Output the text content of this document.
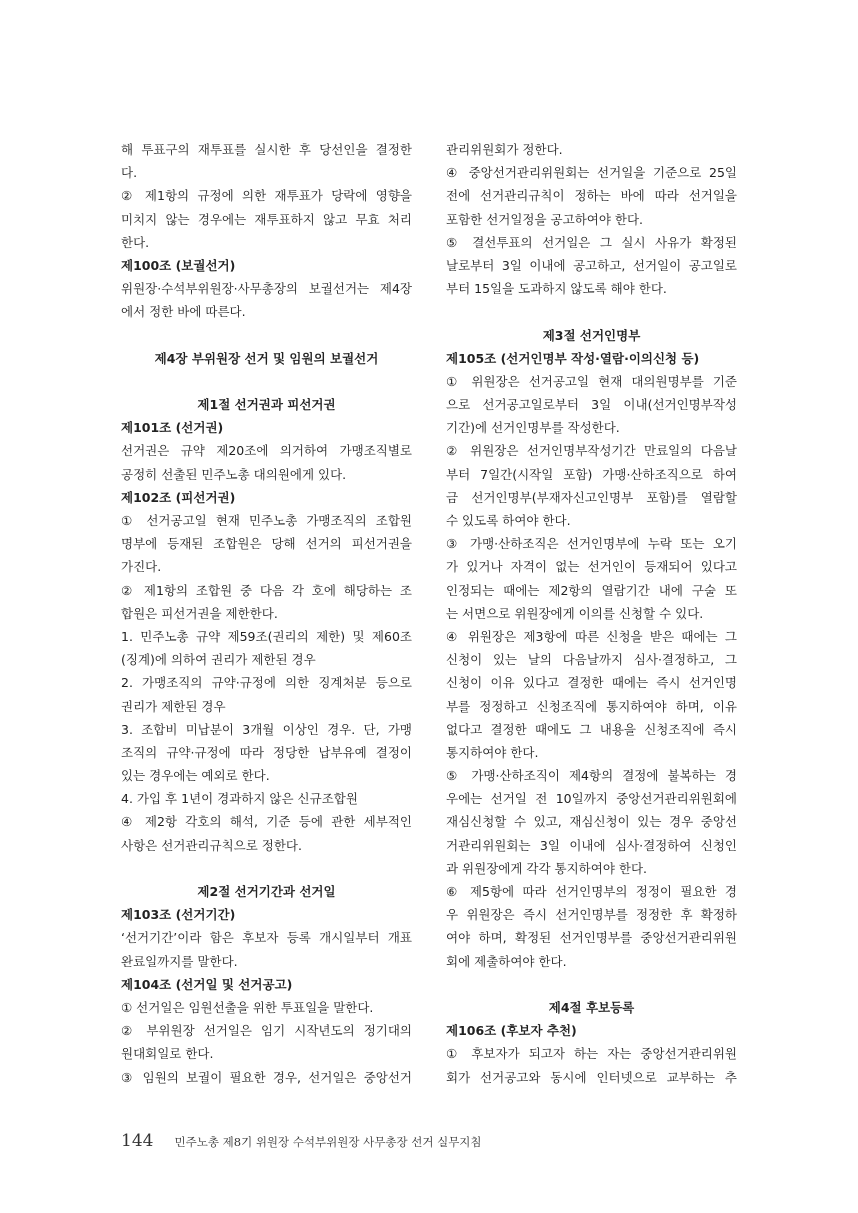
해 투표구의 재투표를 실시한 후 당선인을 결정한
다.
② 제1항의 규정에 의한 재투표가 당락에 영향을
미치지 않는 경우에는 재투표하지 않고 무효 처리
한다.
제100조 (보궐선거)
위원장·수석부위원장·사무총장의 보궐선거는 제4장
에서 정한 바에 따른다.
제4장 부위원장 선거 및 임원의 보궐선거
제1절 선거권과 피선거권
제101조 (선거권)
선거권은 규약 제20조에 의거하여 가맹조직별로
공정히 선출된 민주노총 대의원에게 있다.
제102조 (피선거권)
① 선거공고일 현재 민주노총 가맹조직의 조합원
명부에 등재된 조합원은 당해 선거의 피선거권을
가진다.
② 제1항의 조합원 중 다음 각 호에 해당하는 조
합원은 피선거권을 제한한다.
1. 민주노총 규약 제59조(권리의 제한) 및 제60조
(징계)에 의하여 권리가 제한된 경우
2. 가맹조직의 규약·규정에 의한 징계처분 등으로
권리가 제한된 경우
3. 조합비 미납분이 3개월 이상인 경우. 단, 가맹
조직의 규약·규정에 따라 정당한 납부유예 결정이
있는 경우에는 예외로 한다.
4. 가입 후 1년이 경과하지 않은 신규조합원
④ 제2항 각호의 해석, 기준 등에 관한 세부적인
사항은 선거관리규칙으로 정한다.
제2절 선거기간과 선거일
제103조 (선거기간)
‘선거기간’이라 함은 후보자 등록 개시일부터 개표
완료일까지를 말한다.
제104조 (선거일 및 선거공고)
① 선거일은 임원선출을 위한 투표일을 말한다.
② 부위원장 선거일은 임기 시작년도의 정기대의
원대회일로 한다.
③ 임원의 보궐이 필요한 경우, 선거일은 중앙선거
관리위원회가 정한다.
④ 중앙선거관리위원회는 선거일을 기준으로 25일
전에 선거관리규칙이 정하는 바에 따라 선거일을
포함한 선거일정을 공고하여야 한다.
⑤ 결선투표의 선거일은 그 실시 사유가 확정된
날로부터 3일 이내에 공고하고, 선거일이 공고일로
부터 15일을 도과하지 않도록 해야 한다.
제3절 선거인명부
제105조 (선거인명부 작성·열람·이의신청 등)
① 위원장은 선거공고일 현재 대의원명부를 기준
으로 선거공고일로부터 3일 이내(선거인명부작성
기간)에 선거인명부를 작성한다.
② 위원장은 선거인명부작성기간 만료일의 다음날
부터 7일간(시작일 포함) 가맹·산하조직으로 하여
금 선거인명부(부재자신고인명부 포함)를 열람할
수 있도록 하여야 한다.
③ 가맹·산하조직은 선거인명부에 누락 또는 오기
가 있거나 자격이 없는 선거인이 등재되어 있다고
인정되는 때에는 제2항의 열람기간 내에 구술 또
는 서면으로 위원장에게 이의를 신청할 수 있다.
④ 위원장은 제3항에 따른 신청을 받은 때에는 그
신청이 있는 날의 다음날까지 심사·결정하고, 그
신청이 이유 있다고 결정한 때에는 즉시 선거인명
부를 정정하고 신청조직에 통지하여야 하며, 이유
없다고 결정한 때에도 그 내용을 신청조직에 즉시
통지하여야 한다.
⑤ 가맹·산하조직이 제4항의 결정에 불복하는 경
우에는 선거일 전 10일까지 중앙선거관리위원회에
재심신청할 수 있고, 재심신청이 있는 경우 중앙선
거관리위원회는 3일 이내에 심사·결정하여 신청인
과 위원장에게 각각 통지하여야 한다.
⑥ 제5항에 따라 선거인명부의 정정이 필요한 경
우 위원장은 즉시 선거인명부를 정정한 후 확정하
여야 하며, 확정된 선거인명부를 중앙선거관리위원
회에 제출하여야 한다.
제4절 후보등록
제106조 (후보자 추천)
① 후보자가 되고자 하는 자는 중앙선거관리위원
회가 선거공고와 동시에 인터넷으로 교부하는 추
144 민주노총 제8기 위원장 수석부위원장 사무총장 선거 실무지침
